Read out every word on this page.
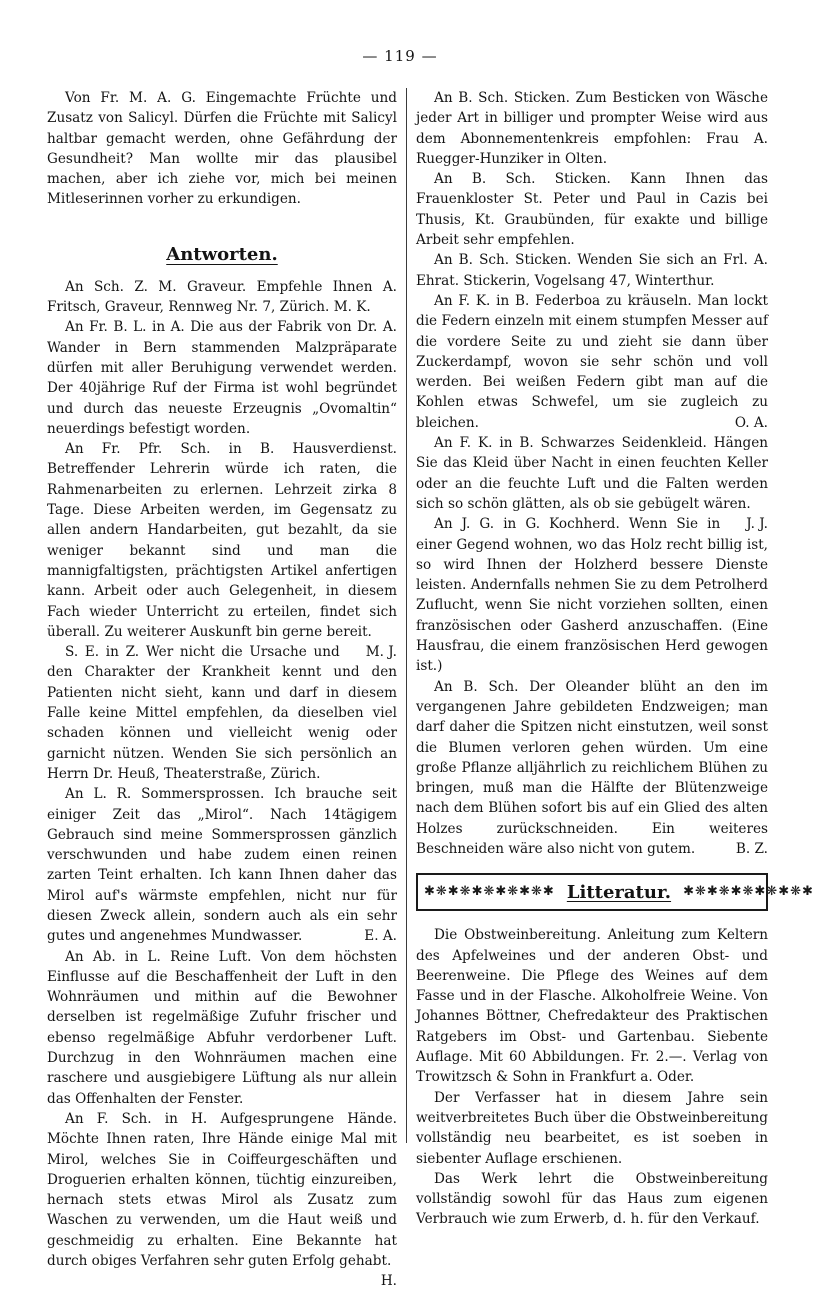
— 119 —

Von Fr. M. A. G. Eingemachte Früchte und Zusatz von Salicyl. Dürfen die Früchte mit Salicyl haltbar gemacht werden, ohne Gefährdung der Gesundheit? Man wollte mir das plausibel machen, aber ich ziehe vor, mich bei meinen Mitleserinnen vorher zu erkundigen.

Antworten.

An Sch. Z. M. Graveur. Empfehle Ihnen A. Fritsch, Graveur, Rennweg Nr. 7, Zürich. M. K.

An Fr. B. L. in A. Die aus der Fabrik von Dr. A. Wander in Bern stammenden Malzpräparate dürfen mit aller Beruhigung verwendet werden. Der 40jährige Ruf der Firma ist wohl begründet und durch das neueste Erzeugnis „Ovomaltin“ neuerdings befestigt worden.

An Fr. Pfr. Sch. in B. Hausverdienst. Betreffender Lehrerin würde ich raten, die Rahmenarbeiten zu erlernen. Lehrzeit zirka 8 Tage. Diese Arbeiten werden, im Gegensatz zu allen andern Handarbeiten, gut bezahlt, da sie weniger bekannt sind und man die mannigfaltigsten, prächtigsten Artikel anfertigen kann. Arbeit oder auch Gelegenheit, in diesem Fach wieder Unterricht zu erteilen, findet sich überall. Zu weiterer Auskunft bin gerne bereit.
M. J.

S. E. in Z. Wer nicht die Ursache und den Charakter der Krankheit kennt und den Patienten nicht sieht, kann und darf in diesem Falle keine Mittel empfehlen, da dieselben viel schaden können und vielleicht wenig oder garnicht nützen. Wenden Sie sich persönlich an Herrn Dr. Heuß, Theaterstraße, Zürich.

An L. R. Sommersprossen. Ich brauche seit einiger Zeit das „Mirol“. Nach 14tägigem Gebrauch sind meine Sommersprossen gänzlich verschwunden und habe zudem einen reinen zarten Teint erhalten. Ich kann Ihnen daher das Mirol auf's wärmste empfehlen, nicht nur für diesen Zweck allein, sondern auch als ein sehr gutes und angenehmes Mundwasser.	E. A.

An Ab. in L. Reine Luft. Von dem höchsten Einflusse auf die Beschaffenheit der Luft in den Wohnräumen und mithin auf die Bewohner derselben ist regelmäßige Zufuhr frischer und ebenso regelmäßige Abfuhr verdorbener Luft. Durchzug in den Wohnräumen machen eine raschere und ausgiebigere Lüftung als nur allein das Offenhalten der Fenster.

An F. Sch. in H. Aufgesprungene Hände. Möchte Ihnen raten, Ihre Hände einige Mal mit Mirol, welches Sie in Coiffeurgeschäften und Droguerien erhalten können, tüchtig einzureiben, hernach stets etwas Mirol als Zusatz zum Waschen zu verwenden, um die Haut weiß und geschmeidig zu erhalten. Eine Bekannte hat durch obiges Verfahren sehr guten Erfolg gehabt.
H.

An B. Sch. Sticken. Zum Besticken von Wäsche jeder Art in billiger und prompter Weise wird aus dem Abonnementenkreis empfohlen: Frau A. Ruegger-Hunziker in Olten.

An B. Sch. Sticken. Kann Ihnen das Frauenkloster St. Peter und Paul in Cazis bei Thusis, Kt. Graubünden, für exakte und billige Arbeit sehr empfehlen.

An B. Sch. Sticken. Wenden Sie sich an Frl. A. Ehrat. Stickerin, Vogelsang 47, Winterthur.

An F. K. in B. Federboa zu kräuseln. Man lockt die Federn einzeln mit einem stumpfen Messer auf die vordere Seite zu und zieht sie dann über Zuckerdampf, wovon sie sehr schön und voll werden. Bei weißen Federn gibt man auf die Kohlen etwas Schwefel, um sie zugleich zu bleichen.	O. A.

An F. K. in B. Schwarzes Seidenkleid. Hängen Sie das Kleid über Nacht in einen feuchten Keller oder an die feuchte Luft und die Falten werden sich so schön glätten, als ob sie gebügelt wären.
J. J.

An J. G. in G. Kochherd. Wenn Sie in einer Gegend wohnen, wo das Holz recht billig ist, so wird Ihnen der Holzherd bessere Dienste leisten. Andernfalls nehmen Sie zu dem Petrolherd Zuflucht, wenn Sie nicht vorziehen sollten, einen französischen oder Gasherd anzuschaffen. (Eine Hausfrau, die einem französischen Herd gewogen ist.)

An B. Sch. Der Oleander blüht an den im vergangenen Jahre gebildeten Endzweigen; man darf daher die Spitzen nicht einstutzen, weil sonst die Blumen verloren gehen würden. Um eine große Pflanze alljährlich zu reichlichem Blühen zu bringen, muß man die Hälfte der Blütenzweige nach dem Blühen sofort bis auf ein Glied des alten Holzes zurückschneiden. Ein weiteres Beschneiden wäre also nicht von gutem.	B. Z.

✱❋✱❋✱❋✱❋✱❋✱ Litteratur. ✱❋✱❋✱❋✱❋✱❋✱

Die Obstweinbereitung. Anleitung zum Keltern des Apfelweines und der anderen Obst- und Beerenweine. Die Pflege des Weines auf dem Fasse und in der Flasche. Alkoholfreie Weine. Von Johannes Böttner, Chefredakteur des Praktischen Ratgebers im Obst- und Gartenbau. Siebente Auflage. Mit 60 Abbildungen. Fr. 2.—. Verlag von Trowitzsch & Sohn in Frankfurt a. Oder.

Der Verfasser hat in diesem Jahre sein weitverbreitetes Buch über die Obstweinbereitung vollständig neu bearbeitet, es ist soeben in siebenter Auflage erschienen.

Das Werk lehrt die Obstweinbereitung vollständig sowohl für das Haus zum eigenen Verbrauch wie zum Erwerb, d. h. für den Verkauf.
